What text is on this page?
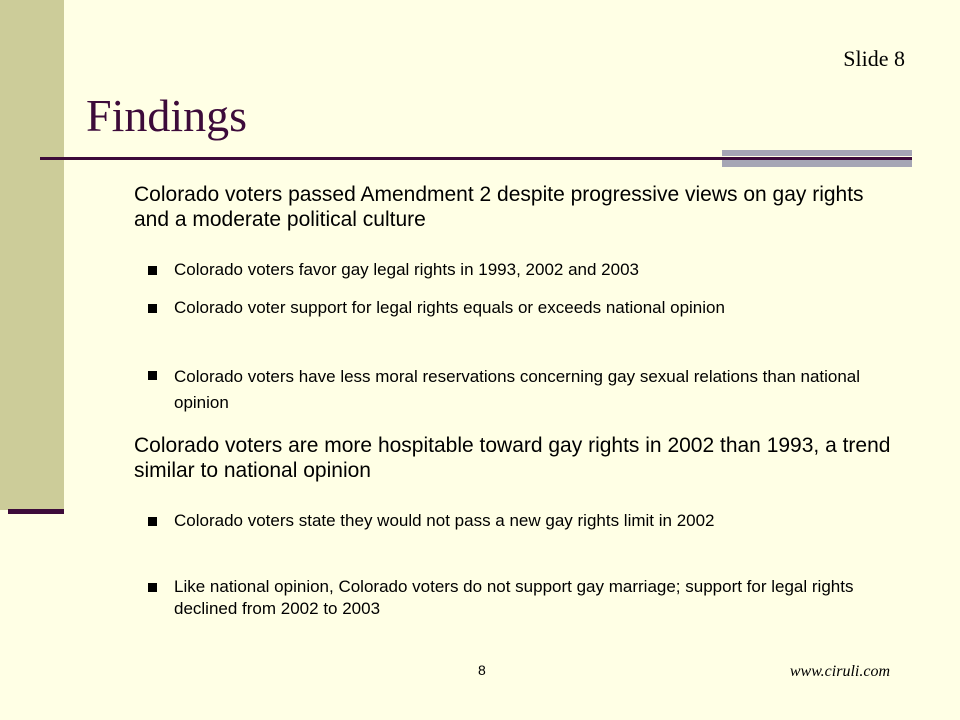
Slide 8
Findings

Colorado voters passed Amendment 2 despite progressive views on gay rights and a moderate political culture

Colorado voters favor gay legal rights in 1993, 2002 and 2003
Colorado voter support for legal rights equals or exceeds national opinion
Colorado voters have less moral reservations concerning gay sexual relations than national opinion

Colorado voters are more hospitable toward gay rights in 2002 than 1993, a trend similar to national opinion

Colorado voters state they would not pass a new gay rights limit in 2002
Like national opinion, Colorado voters do not support gay marriage; support for legal rights declined from 2002 to 2003
8	www.ciruli.com
